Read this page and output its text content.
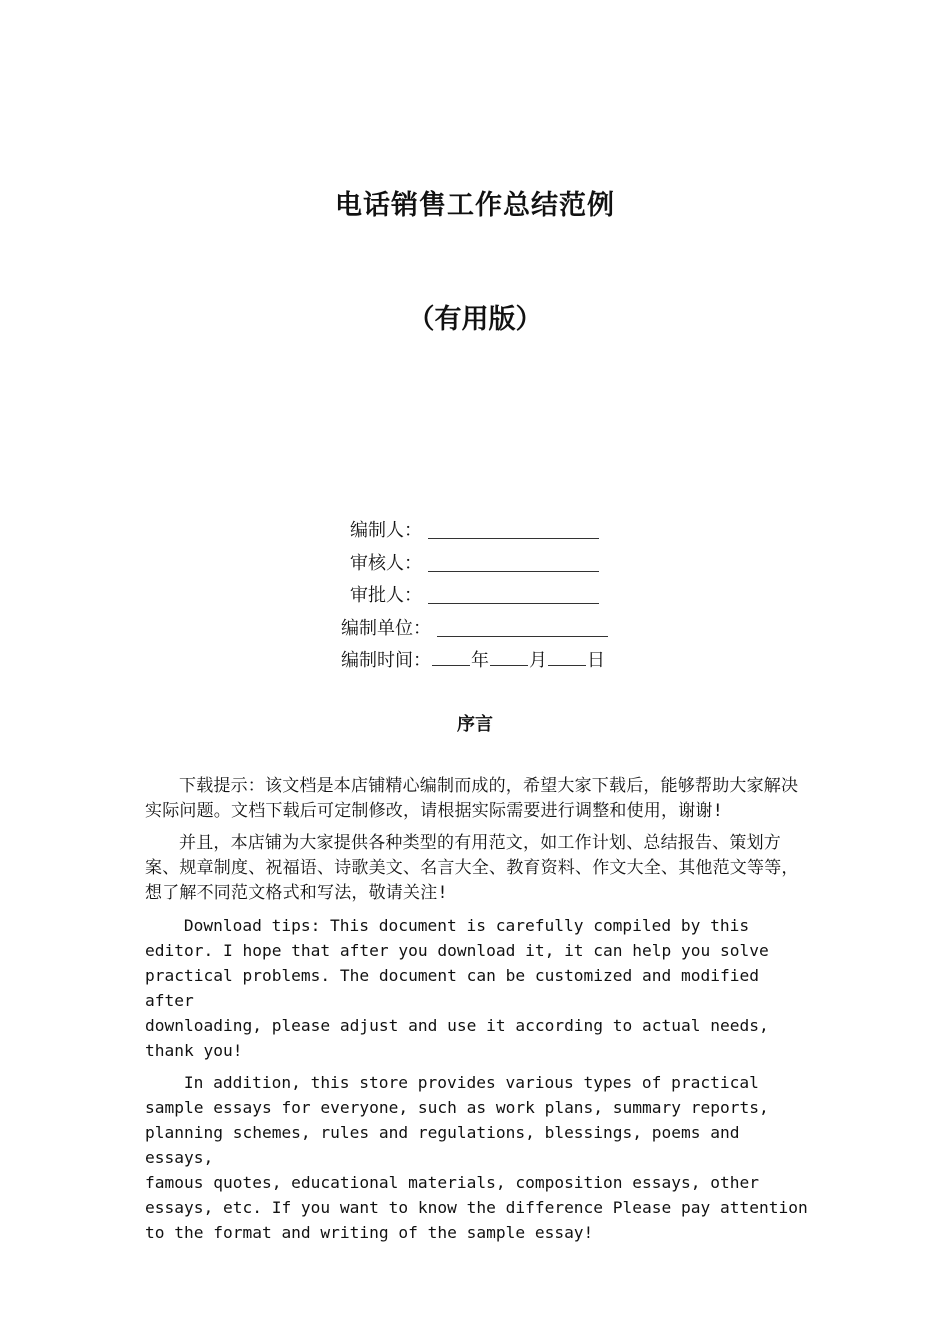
电话销售工作总结范例
（有用版）
编制人：
审核人：
审批人：
编制单位：
编制时间： 年 月 日
序言

下载提示：该文档是本店铺精心编制而成的，希望大家下载后，能够帮助大家解决实际问题。文档下载后可定制修改，请根据实际需要进行调整和使用，谢谢!

并且，本店铺为大家提供各种类型的有用范文，如工作计划、总结报告、策划方案、规章制度、祝福语、诗歌美文、名言大全、教育资料、作文大全、其他范文等等，想了解不同范文格式和写法，敬请关注!

Download tips: This document is carefully compiled by this
editor. I hope that after you download it, it can help you solve
practical problems. The document can be customized and modified after
downloading, please adjust and use it according to actual needs,
thank you!

In addition, this store provides various types of practical
sample essays for everyone, such as work plans, summary reports,
planning schemes, rules and regulations, blessings, poems and essays,
famous quotes, educational materials, composition essays, other
essays, etc. If you want to know the difference Please pay attention
to the format and writing of the sample essay!
